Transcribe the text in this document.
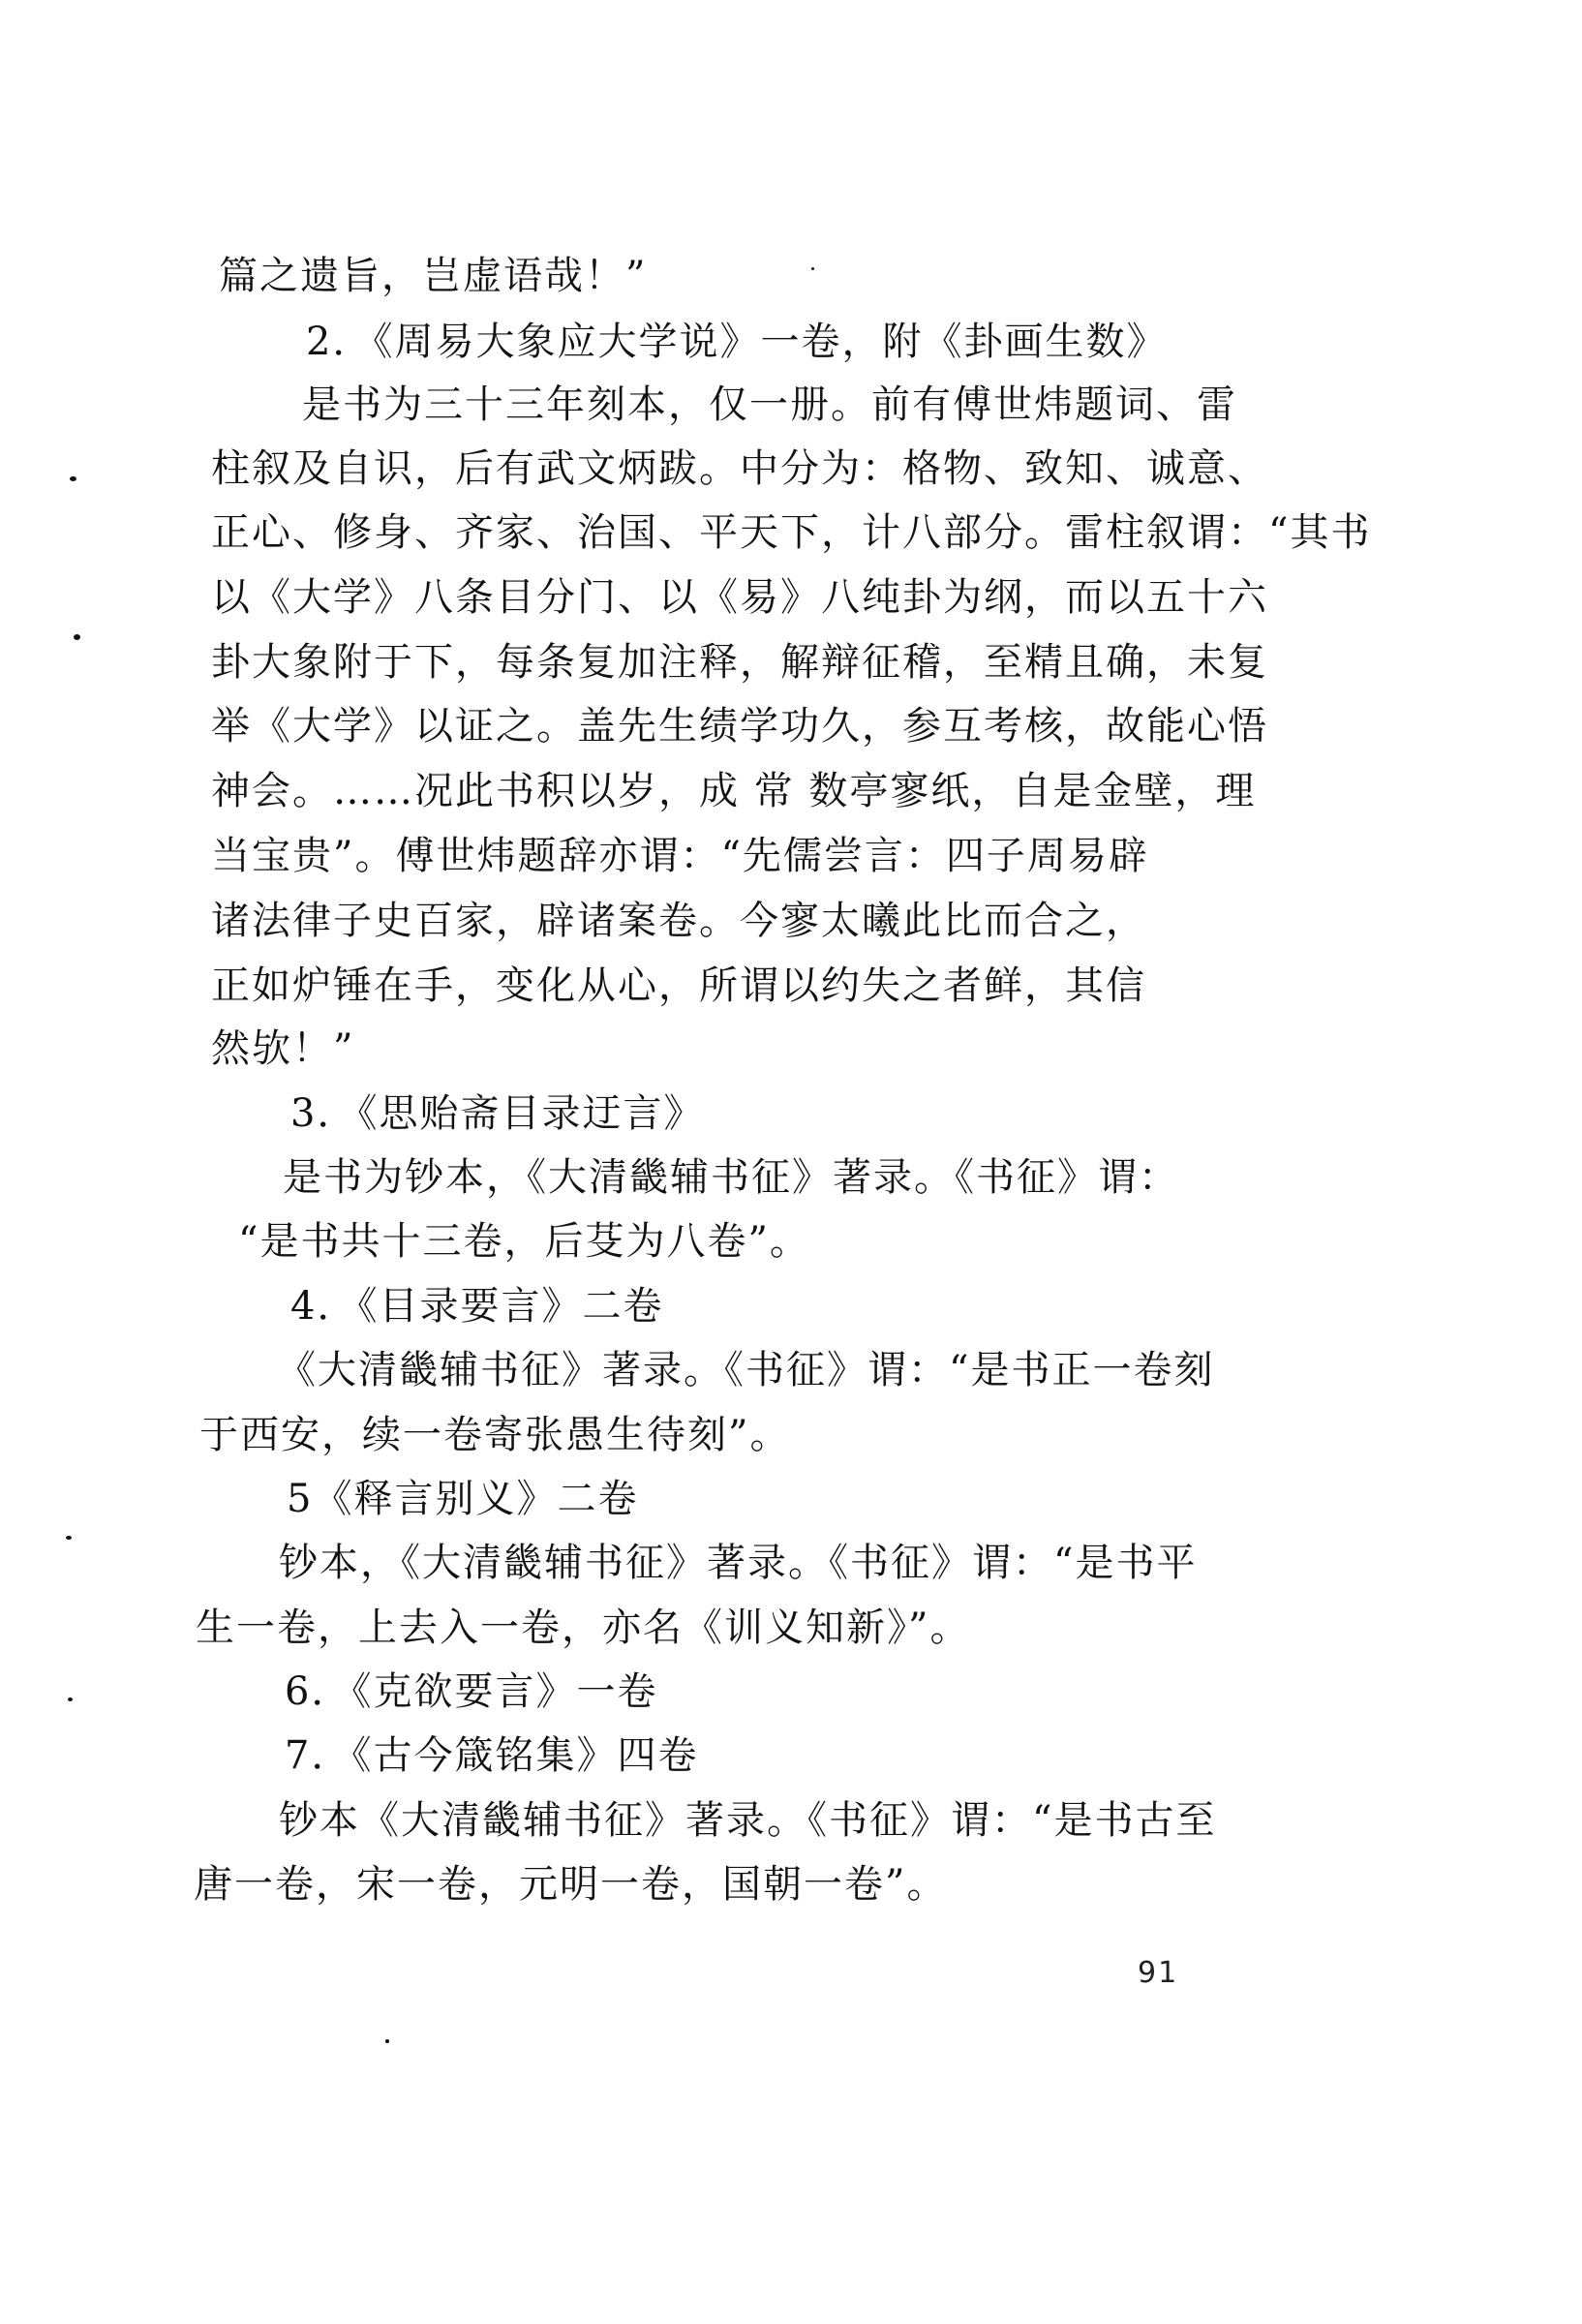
篇之遗旨，岂虚语哉！”
2．《周易大象应大学说》一卷，附《卦画生数》
是书为三十三年刻本，仅一册。前有傅世炜题词、雷
柱叙及自识，后有武文炳跋。中分为：格物、致知、诚意、
正心、修身、齐家、治国、平天下，计八部分。雷柱叙谓：“其书
以《大学》八条目分门、以《易》八纯卦为纲，而以五十六
卦大象附于下，每条复加注释，解辩征稽，至精且确，未复
举《大学》以证之。盖先生绩学功久，参互考核，故能心悟
神会。……况此书积以岁，成 常 数亭寥纸，自是金壁，理
当宝贵”。傅世炜题辞亦谓：“先儒尝言：四子周易辟
诸法律子史百家，辟诸案卷。今寥太曦此比而合之，
正如炉锤在手，变化从心，所谓以约失之者鲜，其信
然欤！”
3．《思贻斋目录迂言》
是书为钞本，《大清畿辅书征》著录。《书征》谓：
“是书共十三卷，后芟为八卷”。
4．《目录要言》二卷
《大清畿辅书征》著录。《书征》谓：“是书正一卷刻
于西安，续一卷寄张愚生待刻”。
5《释言别义》二卷
钞本，《大清畿辅书征》著录。《书征》谓：“是书平
生一卷，上去入一卷，亦名《训义知新》”。
6．《克欲要言》一卷
7．《古今箴铭集》四卷
钞本《大清畿辅书征》著录。《书征》谓：“是书古至
唐一卷，宋一卷，元明一卷，国朝一卷”。
91
